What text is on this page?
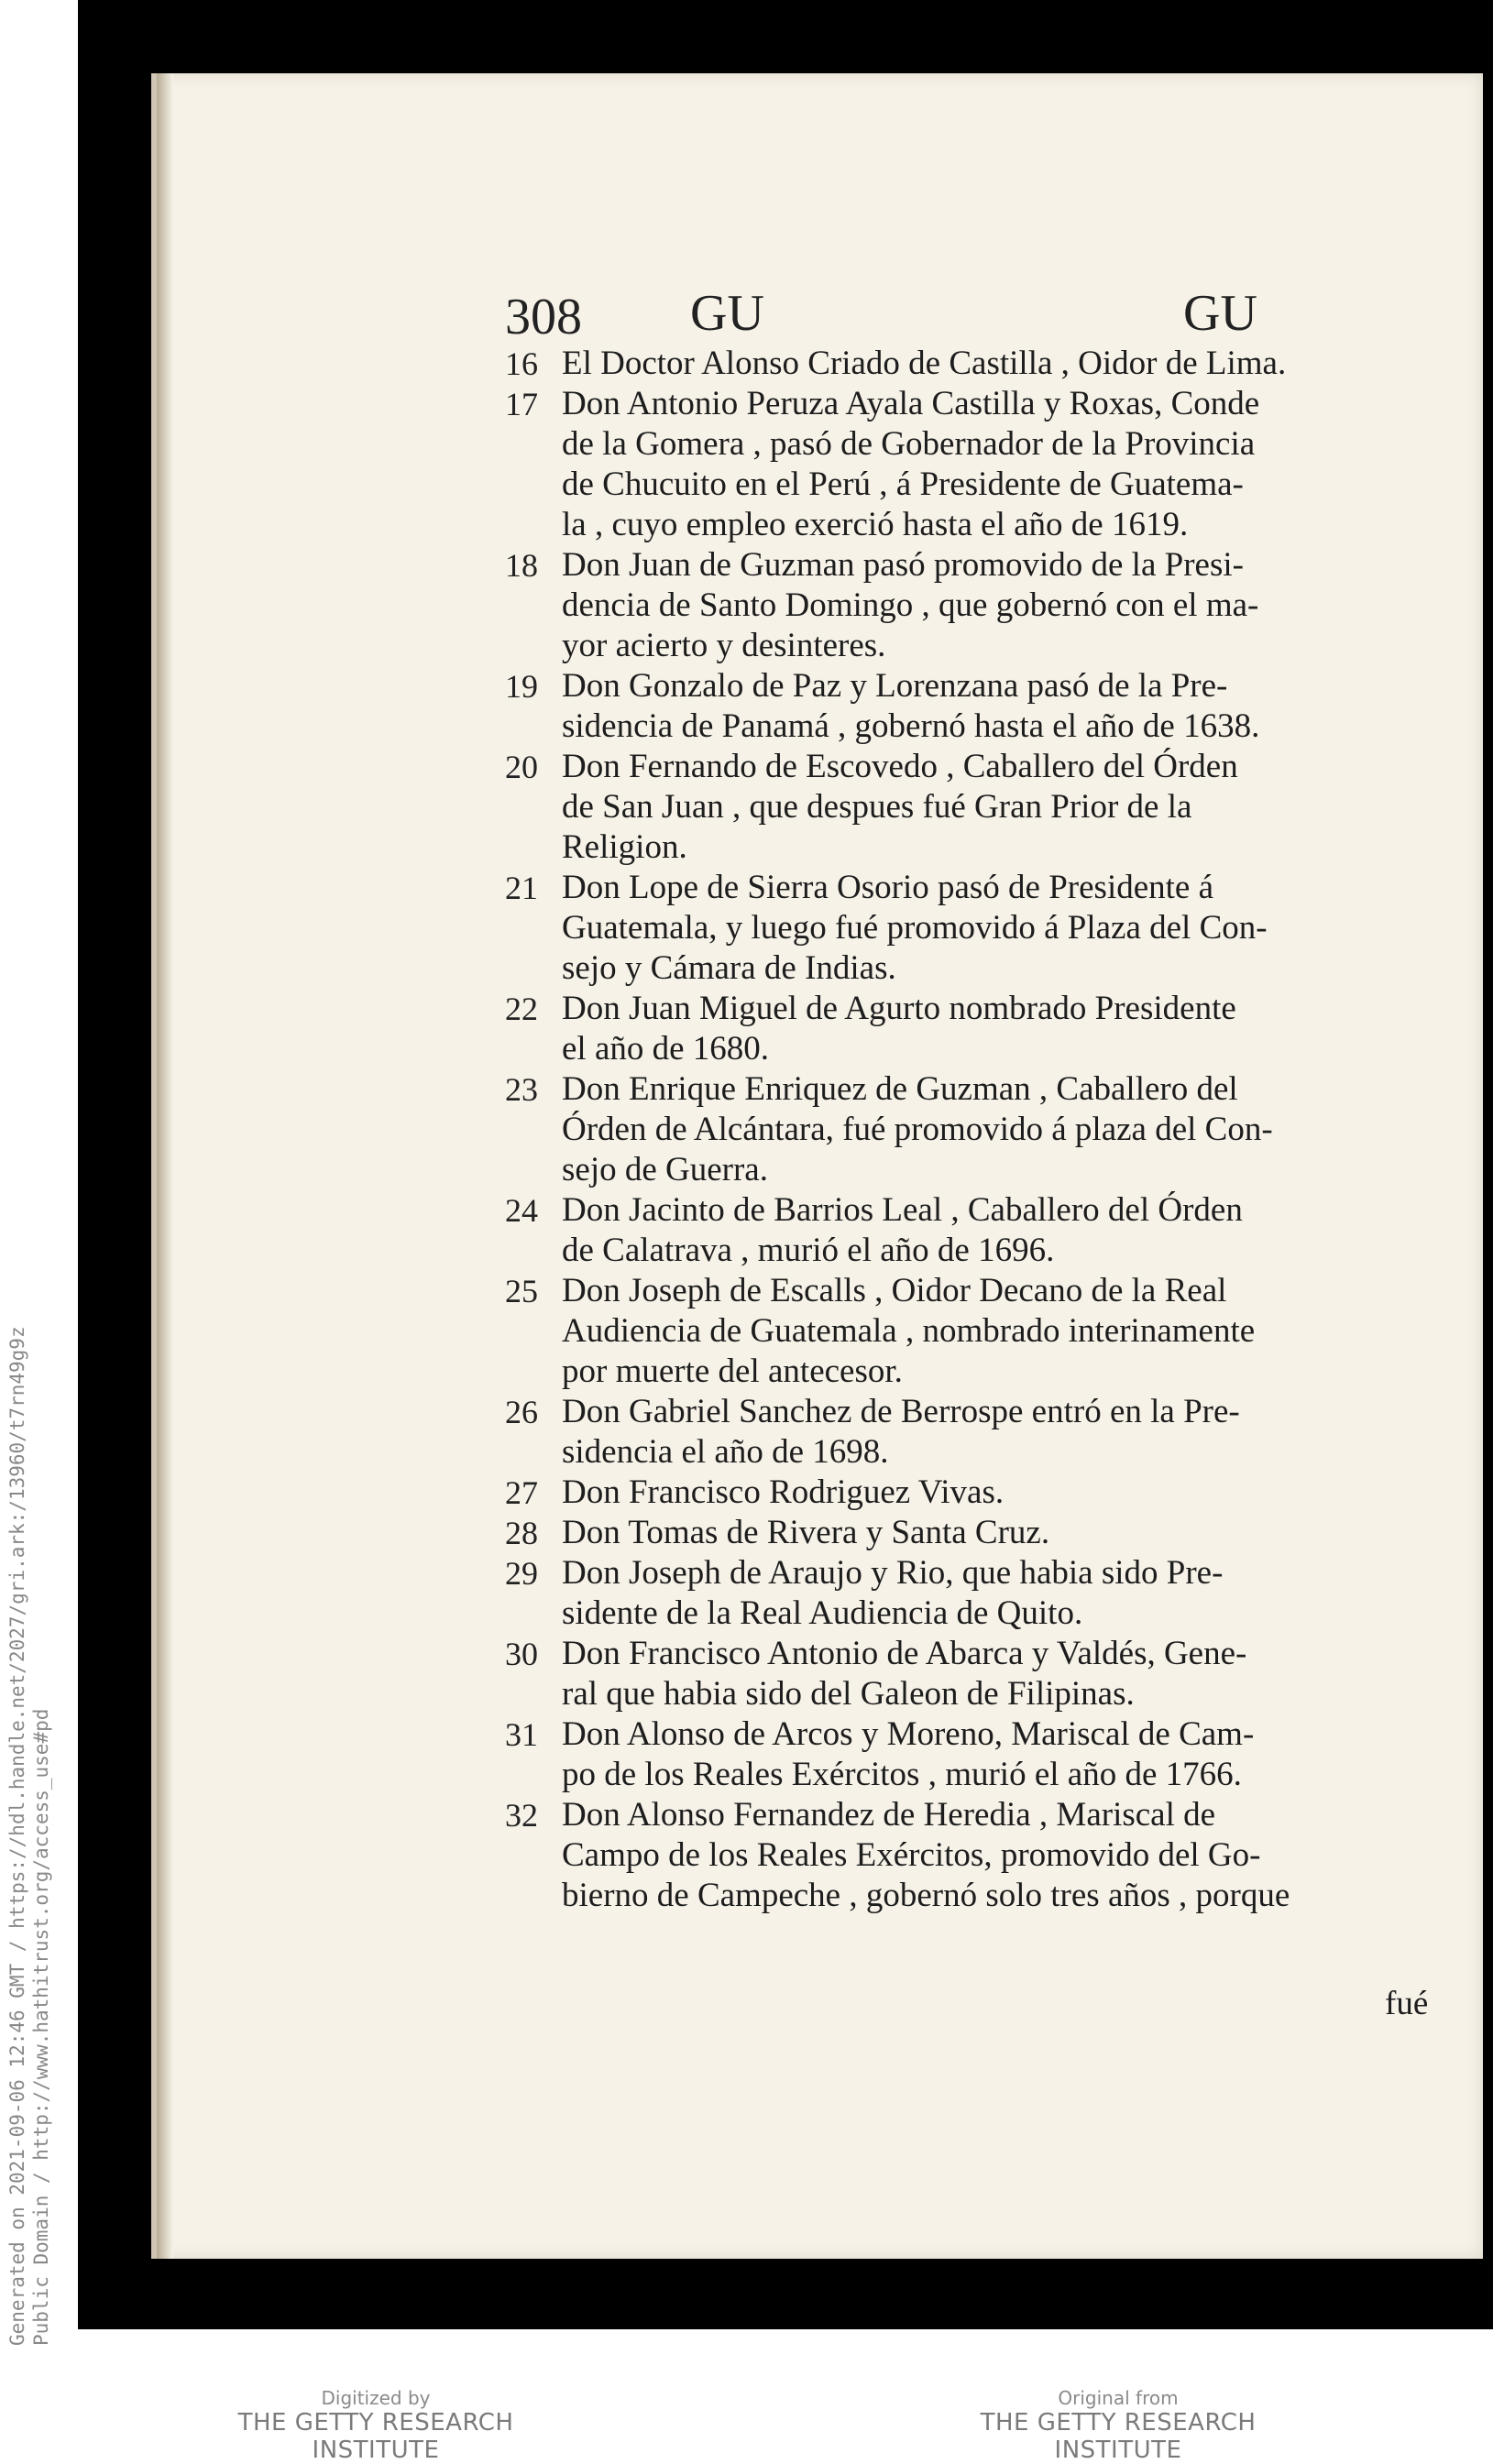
308 GU	GU
16 El Doctor Alonso Criado de Castilla , Oidor de Lima.
17 Don Antonio Peruza Ayala Castilla y Roxas, Conde
de la Gomera , pasó de Gobernador de la Provincia
de Chucuito en el Perú , á Presidente de Guatema-
la , cuyo empleo exerció hasta el año de 1619.
18 Don Juan de Guzman pasó promovido de la Presi-
dencia de Santo Domingo , que gobernó con el ma-
yor acierto y desinteres.
19 Don Gonzalo de Paz y Lorenzana pasó de la Pre-
sidencia de Panamá , gobernó hasta el año de 1638.
20 Don Fernando de Escovedo , Caballero del Órden
de San Juan , que despues fué Gran Prior de la
Religion.
21 Don Lope de Sierra Osorio pasó de Presidente á
Guatemala, y luego fué promovido á Plaza del Con-
sejo y Cámara de Indias.
22 Don Juan Miguel de Agurto nombrado Presidente
el año de 1680.
23 Don Enrique Enriquez de Guzman , Caballero del
Órden de Alcántara, fué promovido á plaza del Con-
sejo de Guerra.
24 Don Jacinto de Barrios Leal , Caballero del Órden
de Calatrava , murió el año de 1696.
25 Don Joseph de Escalls , Oidor Decano de la Real
Audiencia de Guatemala , nombrado interinamente
por muerte del antecesor.
26 Don Gabriel Sanchez de Berrospe entró en la Pre-
sidencia el año de 1698.
27 Don Francisco Rodriguez Vivas.
28 Don Tomas de Rivera y Santa Cruz.
29 Don Joseph de Araujo y Rio, que habia sido Pre-
sidente de la Real Audiencia de Quito.
30 Don Francisco Antonio de Abarca y Valdés, Gene-
ral que habia sido del Galeon de Filipinas.
31 Don Alonso de Arcos y Moreno, Mariscal de Cam-
po de los Reales Exércitos , murió el año de 1766.
32 Don Alonso Fernandez de Heredia , Mariscal de
Campo de los Reales Exércitos, promovido del Go-
bierno de Campeche , gobernó solo tres años , porque
fué
Generated on 2021-09-06 12:46 GMT / https://hdl.handle.net/2027/gri.ark:/13960/t7rn49g9z Public Domain / http://www.hathitrust.org/access_use#pd
Digitized by
THE GETTY RESEARCH INSTITUTE
Original from
THE GETTY RESEARCH INSTITUTE
